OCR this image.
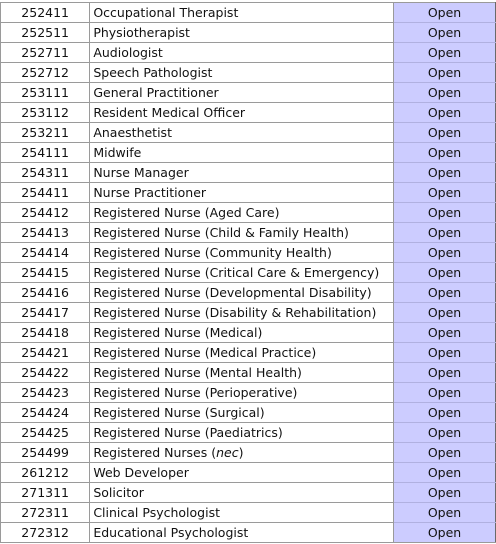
252411	Occupational Therapist	Open
252511	Physiotherapist	Open
252711	Audiologist	Open
252712	Speech Pathologist	Open
253111	General Practitioner	Open
253112	Resident Medical Officer	Open
253211	Anaesthetist	Open
254111	Midwife	Open
254311	Nurse Manager	Open
254411	Nurse Practitioner	Open
254412	Registered Nurse (Aged Care)	Open
254413	Registered Nurse (Child & Family Health)	Open
254414	Registered Nurse (Community Health)	Open
254415	Registered Nurse (Critical Care & Emergency)	Open
254416	Registered Nurse (Developmental Disability)	Open
254417	Registered Nurse (Disability & Rehabilitation)	Open
254418	Registered Nurse (Medical)	Open
254421	Registered Nurse (Medical Practice)	Open
254422	Registered Nurse (Mental Health)	Open
254423	Registered Nurse (Perioperative)	Open
254424	Registered Nurse (Surgical)	Open
254425	Registered Nurse (Paediatrics)	Open
254499	Registered Nurses (nec)	Open
261212	Web Developer	Open
271311	Solicitor	Open
272311	Clinical Psychologist	Open
272312	Educational Psychologist	Open
